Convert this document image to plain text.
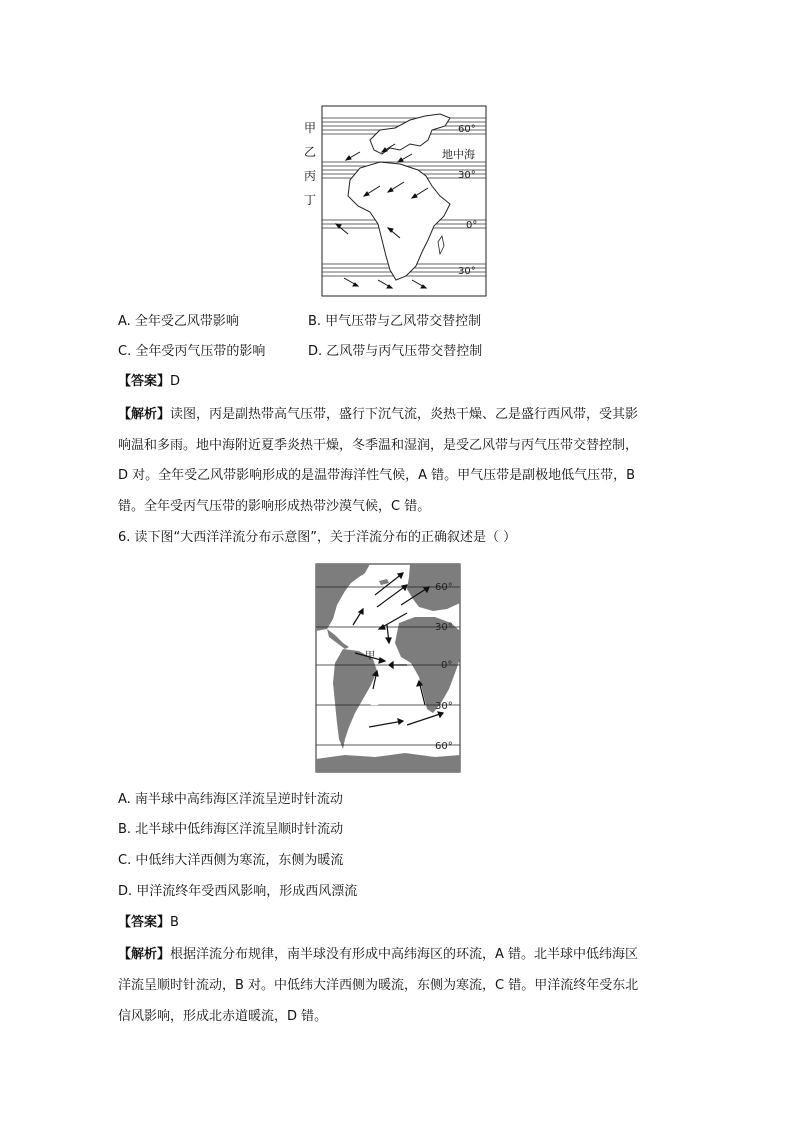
甲
乙
丙
丁
60°
30°
0°
30°
地中海
A. 全年受乙风带影响	B. 甲气压带与乙风带交替控制
C. 全年受丙气压带的影响	D. 乙风带与丙气压带交替控制
【答案】D
【解析】读图，丙是副热带高气压带，盛行下沉气流，炎热干燥、乙是盛行西风带，受其影
响温和多雨。地中海附近夏季炎热干燥，冬季温和湿润，是受乙风带与丙气压带交替控制，
D 对。全年受乙风带影响形成的是温带海洋性气候，A 错。甲气压带是副极地低气压带，B
错。全年受丙气压带的影响形成热带沙漠气候，C 错。
6. 读下图“大西洋洋流分布示意图”，关于洋流分布的正确叙述是（ ）
60°
30°
0°
30°
60°
甲
乙
A. 南半球中高纬海区洋流呈逆时针流动
B. 北半球中低纬海区洋流呈顺时针流动
C. 中低纬大洋西侧为寒流，东侧为暖流
D. 甲洋流终年受西风影响，形成西风漂流
【答案】B
【解析】根据洋流分布规律，南半球没有形成中高纬海区的环流，A 错。北半球中低纬海区
洋流呈顺时针流动，B 对。中低纬大洋西侧为暖流，东侧为寒流，C 错。甲洋流终年受东北
信风影响，形成北赤道暖流，D 错。
